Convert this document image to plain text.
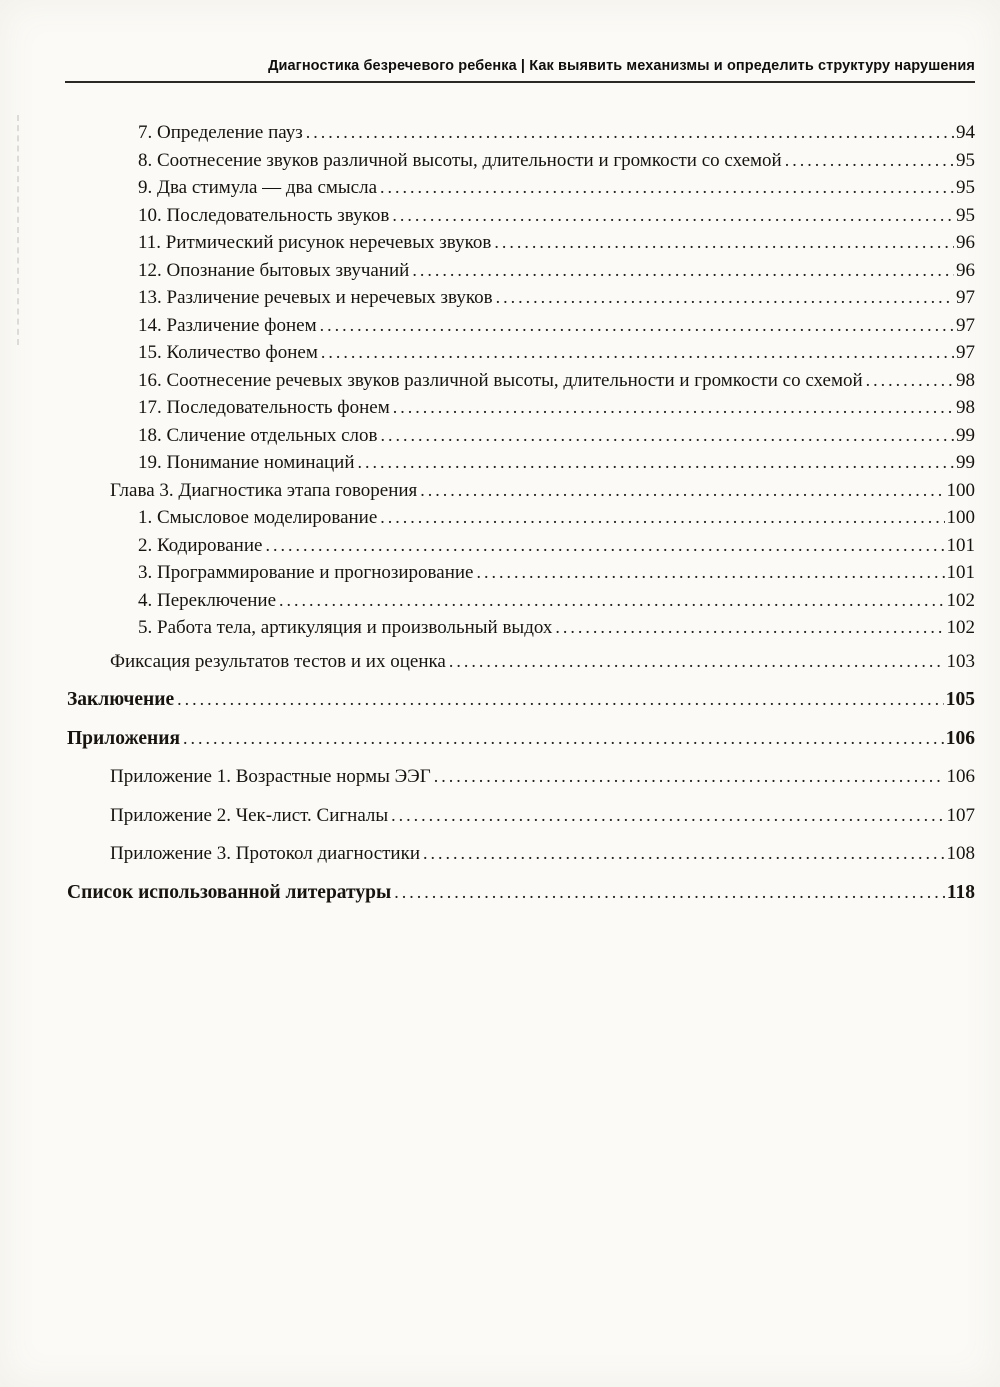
Диагностика безречевого ребенка | Как выявить механизмы и определить структуру нарушения
7. Определение пауз .....	94
8. Соотнесение звуков различной высоты, длительности и громкости со схемой .....	95
9. Два стимула — два смысла .....	95
10. Последовательность звуков .....	95
11. Ритмический рисунок неречевых звуков .....	96
12. Опознание бытовых звучаний .....	96
13. Различение речевых и неречевых звуков .....	97
14. Различение фонем .....	97
15. Количество фонем .....	97
16. Соотнесение речевых звуков различной высоты, длительности и громкости со схемой .....	98
17. Последовательность фонем .....	98
18. Сличение отдельных слов .....	99
19. Понимание номинаций .....	99
Глава 3. Диагностика этапа говорения .....	100
1. Смысловое моделирование .....	100
2. Кодирование .....	101
3. Программирование и прогнозирование .....	101
4. Переключение .....	102
5. Работа тела, артикуляция и произвольный выдох .....	102
Фиксация результатов тестов и их оценка .....	103
Заключение .....	105
Приложения .....	106
Приложение 1. Возрастные нормы ЭЭГ .....	106
Приложение 2. Чек-лист. Сигналы .....	107
Приложение 3. Протокол диагностики .....	108
Список использованной литературы .....	118
